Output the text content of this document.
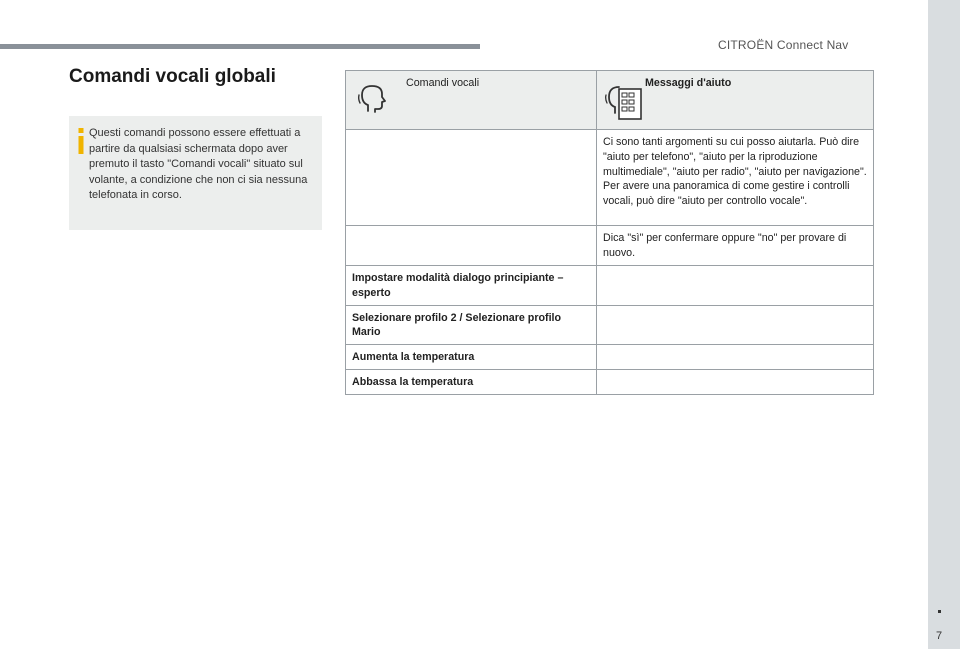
CITROËN Connect Nav
Comandi vocali globali
Questi comandi possono essere effettuati a partire da qualsiasi schermata dopo aver premuto il tasto "Comandi vocali" situato sul volante, a condizione che non ci sia nessuna telefonata in corso.
Comandi vocali	Messaggi d'aiuto

	Ci sono tanti argomenti su cui posso aiutarla. Può dire "aiuto per telefono", "aiuto per la riproduzione multimediale", "aiuto per radio", "aiuto per navigazione". Per avere una panoramica di come gestire i controlli vocali, può dire "aiuto per controllo vocale".
	Dica "sì" per confermare oppure "no" per provare di nuovo.
Impostare modalità dialogo principiante – esperto	
Selezionare profilo 2 / Selezionare profilo Mario	
Aumenta la temperatura	
Abbassa la temperatura	
7
